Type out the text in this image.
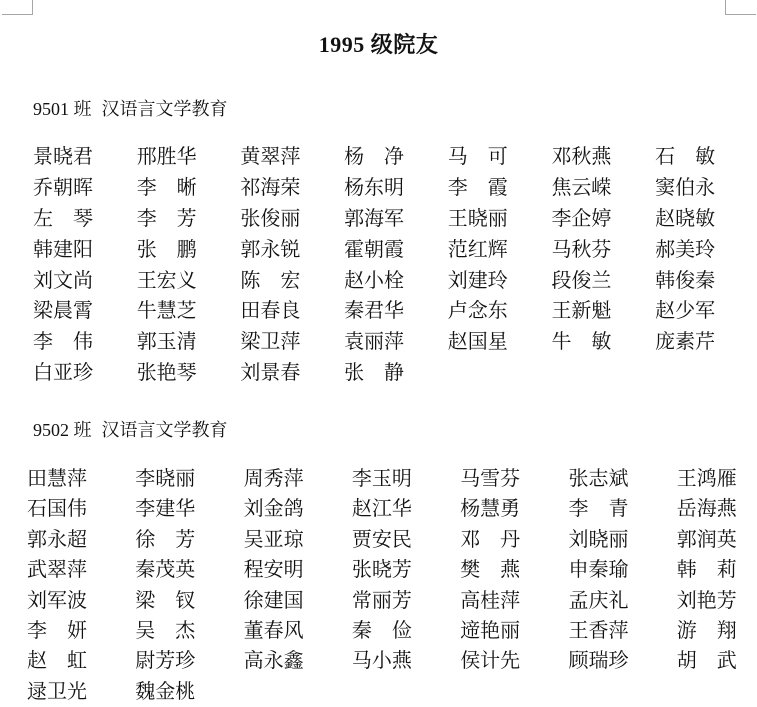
1995 级院友
9501 班 汉语言文学教育
景晓君	邢胜华	黄翠萍	杨　净	马　可	邓秋燕	石　敏
乔朝晖	李　晰	祁海荣	杨东明	李　霞	焦云嵘	窦伯永
左　琴	李　芳	张俊丽	郭海军	王晓丽	李企婷	赵晓敏
韩建阳	张　鹏	郭永锐	霍朝霞	范红辉	马秋芬	郝美玲
刘文尚	王宏义	陈　宏	赵小栓	刘建玲	段俊兰	韩俊秦
梁晨霄	牛慧芝	田春良	秦君华	卢念东	王新魁	赵少军
李　伟	郭玉清	梁卫萍	袁丽萍	赵国星	牛　敏	庞素芹
白亚珍	张艳琴	刘景春	张　静
9502 班 汉语言文学教育
田慧萍	李晓丽	周秀萍	李玉明	马雪芬	张志斌	王鸿雁
石国伟	李建华	刘金鸽	赵江华	杨慧勇	李　青	岳海燕
郭永超	徐　芳	吴亚琼	贾安民	邓　丹	刘晓丽	郭润英
武翠萍	秦茂英	程安明	张晓芳	樊　燕	申秦瑜	韩　莉
刘军波	梁　钗	徐建国	常丽芳	高桂萍	孟庆礼	刘艳芳
李　妍	吴　杰	董春风	秦　俭	遆艳丽	王香萍	游　翔
赵　虹	尉芳珍	高永鑫	马小燕	侯计先	顾瑞珍	胡　武
逯卫光	魏金桃
